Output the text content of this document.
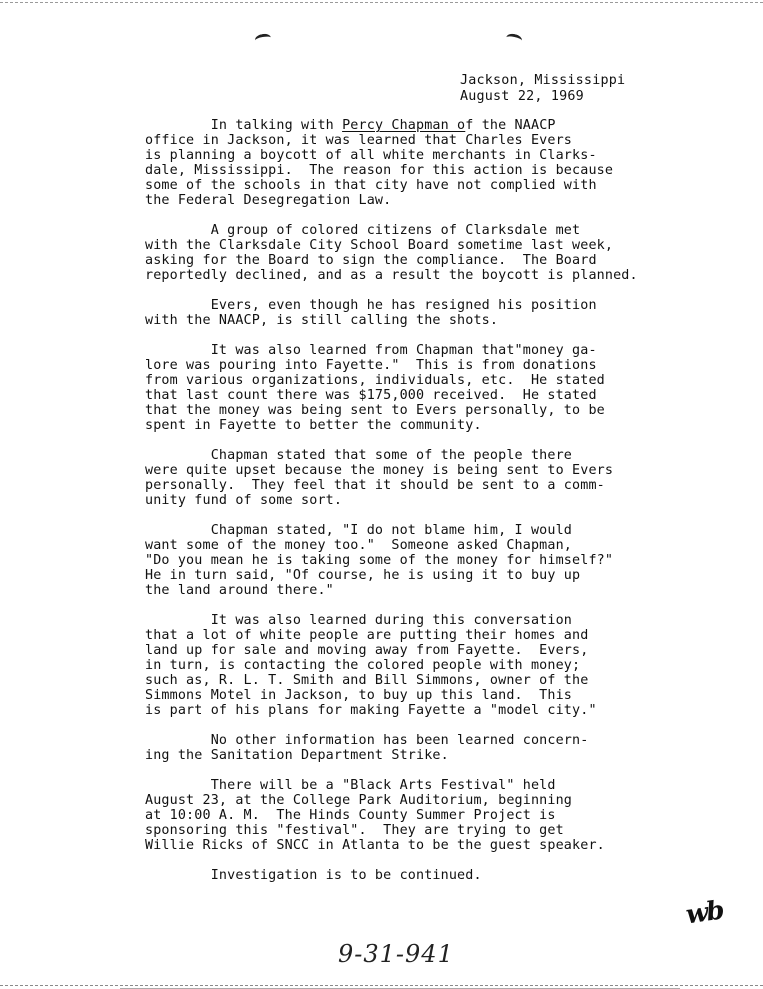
Jackson, Mississippi
August 22, 1969

In talking with Percy Chapman of the NAACP
office in Jackson, it was learned that Charles Evers
is planning a boycott of all white merchants in Clarks-
dale, Mississippi.  The reason for this action is because
some of the schools in that city have not complied with
the Federal Desegregation Law.

A group of colored citizens of Clarksdale met
with the Clarksdale City School Board sometime last week,
asking for the Board to sign the compliance.  The Board
reportedly declined, and as a result the boycott is planned.

Evers, even though he has resigned his position
with the NAACP, is still calling the shots.

It was also learned from Chapman that"money ga-
lore was pouring into Fayette."  This is from donations
from various organizations, individuals, etc.  He stated
that last count there was $175,000 received.  He stated
that the money was being sent to Evers personally, to be
spent in Fayette to better the community.

Chapman stated that some of the people there
were quite upset because the money is being sent to Evers
personally.  They feel that it should be sent to a comm-
unity fund of some sort.

Chapman stated, "I do not blame him, I would
want some of the money too."  Someone asked Chapman,
"Do you mean he is taking some of the money for himself?"
He in turn said, "Of course, he is using it to buy up
the land around there."

It was also learned during this conversation
that a lot of white people are putting their homes and
land up for sale and moving away from Fayette.  Evers,
in turn, is contacting the colored people with money;
such as, R. L. T. Smith and Bill Simmons, owner of the
Simmons Motel in Jackson, to buy up this land.  This
is part of his plans for making Fayette a "model city."

No other information has been learned concern-
ing the Sanitation Department Strike.

There will be a "Black Arts Festival" held
August 23, at the College Park Auditorium, beginning
at 10:00 A. M.  The Hinds County Summer Project is
sponsoring this "festival".  They are trying to get
Willie Ricks of SNCC in Atlanta to be the guest speaker.

Investigation is to be continued.

wb
9-31-941
